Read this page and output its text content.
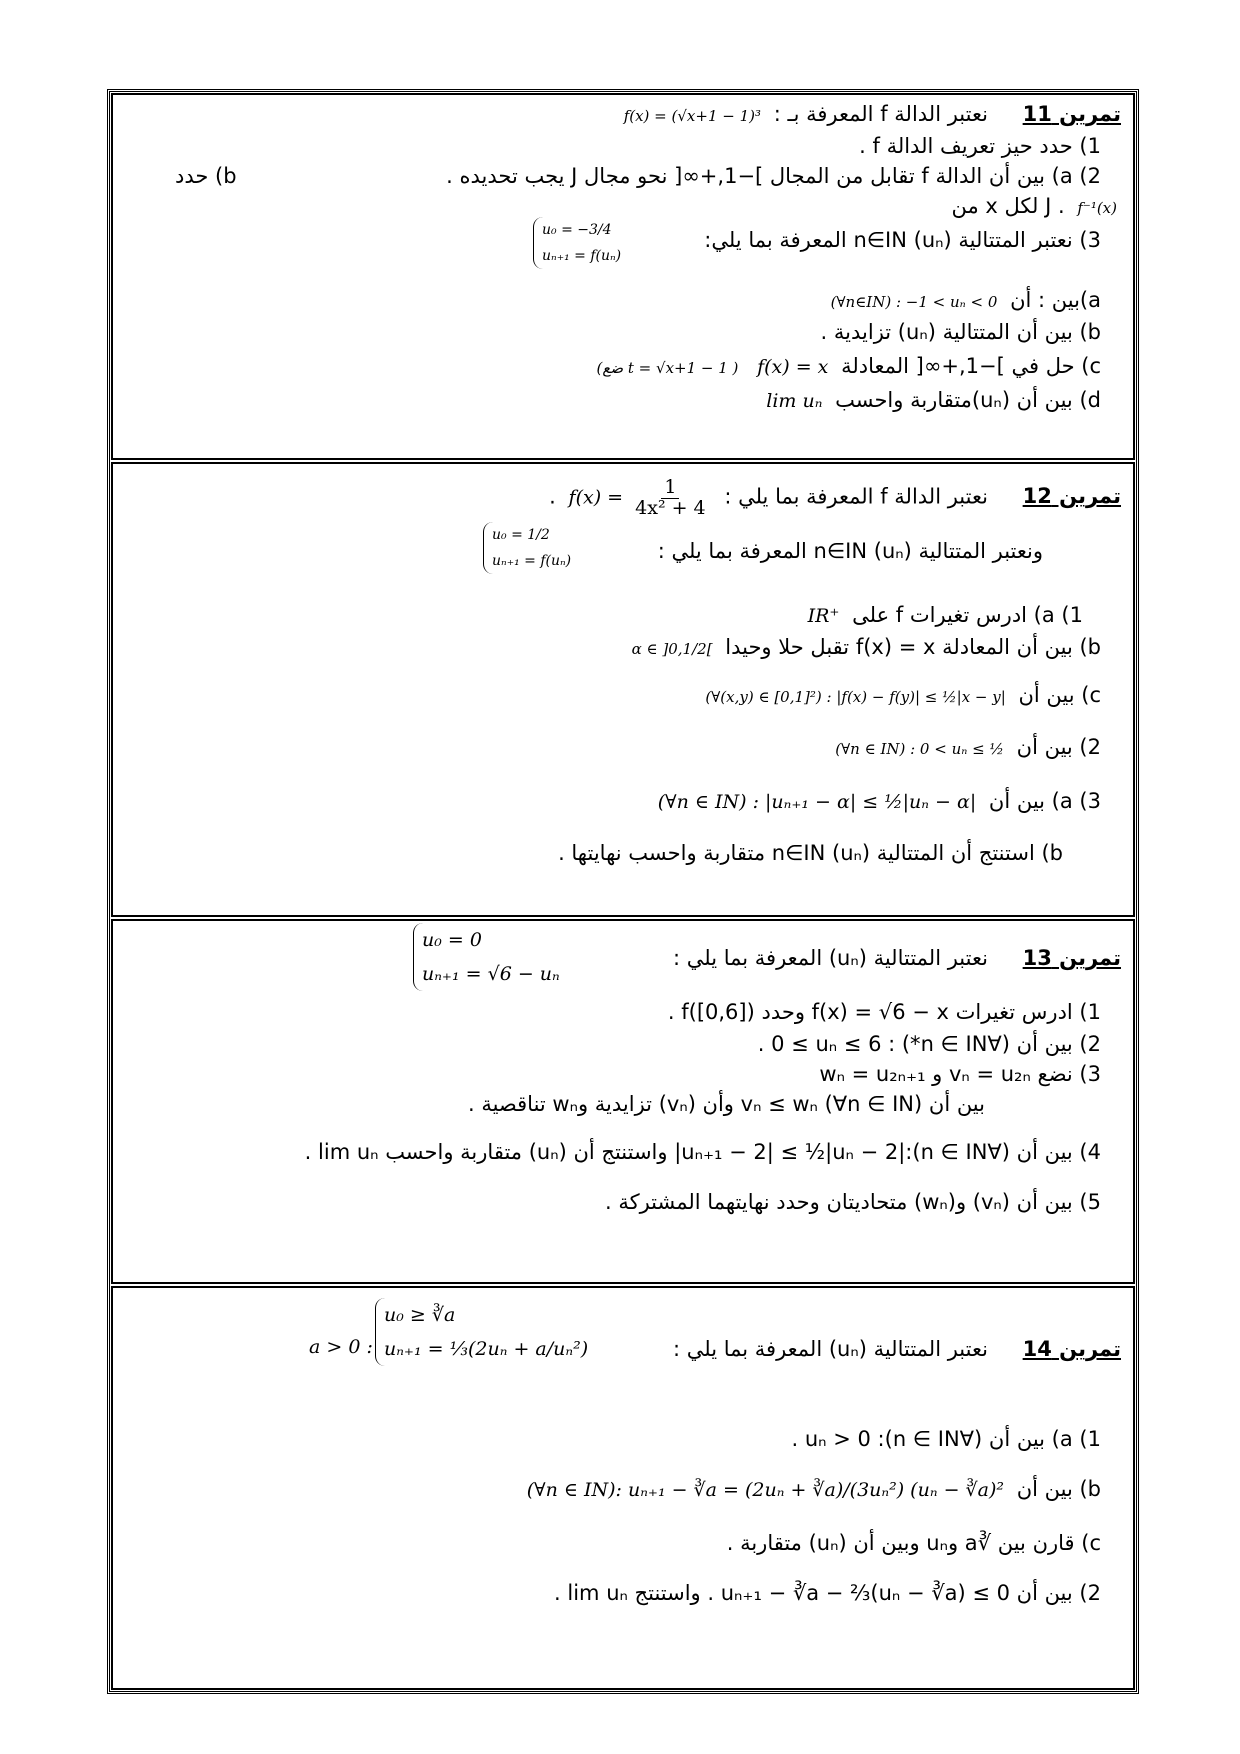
تمرين 11 نعتبر الدالة f المعرفة بـ : f(x) = (√x+1 − 1)³
1) حدد حيز تعريف الدالة f .
2) a) بين أن الدالة f تقابل من المجال ]−1,+∞[ نحو مجال J يجب تحديده .
b) حدد
f⁻¹(x) . J لكل x من
3) نعتبر المتتالية (uₙ) n∈IN المعرفة بما يلي:
u₀ = −3/4
uₙ₊₁ = f(uₙ)
a)بين : أن (∀n∈IN) : −1 < uₙ < 0
b) بين أن المتتالية (uₙ) تزايدية .
c) حل في ]−1,+∞[ المعادلة f(x) = x (ضع t = √x+1 − 1 )
d) بين أن (uₙ)متقاربة واحسب lim uₙ
تمرين 12 نعتبر الدالة f المعرفة بما يلي : $f(x) = \frac{1}{\text{4x² + 4}}$
.
ونعتبر المتتالية (uₙ) n∈IN المعرفة بما يلي :
u₀ = 1/2
uₙ₊₁ = f(uₙ)
1) a) ادرس تغيرات f على IR⁺
b) بين أن المعادلة f(x) = x تقبل حلا وحيدا α ∈ ]0,1/2[
c) بين أن (∀(x,y) ∈ [0,1]²) : |f(x) − f(y)| ≤ ½|x − y|
2) بين أن (∀n ∈ IN) : 0 < uₙ ≤ ½
3) a) بين أن (∀n ∈ IN) : |uₙ₊₁ − α| ≤ ½|uₙ − α|
b) استنتج أن المتتالية (uₙ) n∈IN متقاربة واحسب نهايتها .
تمرين 13 نعتبر المتتالية (uₙ) المعرفة بما يلي :
u₀ = 0
uₙ₊₁ = √6 − uₙ
1) ادرس تغيرات f(x) = √6 − x وحدد f([0,6]) .
2) بين أن (∀n ∈ IN*) : 0 ≤ uₙ ≤ 6 .
3) نضع vₙ = u₂ₙ و wₙ = u₂ₙ₊₁
بين أن vₙ ≤ wₙ (∀n ∈ IN) وأن (vₙ) تزايدية وwₙ تناقصية .
4) بين أن (∀n ∈ IN):|uₙ₊₁ − 2| ≤ ½|uₙ − 2| واستنتج أن (uₙ) متقاربة واحسب lim uₙ .
5) بين أن (vₙ) و(wₙ) متحاديتان وحدد نهايتهما المشتركة .
تمرين 14 نعتبر المتتالية (uₙ) المعرفة بما يلي :
u₀ ≥ ∛a
uₙ₊₁ = ⅓(2uₙ + a/uₙ²)
a > 0 :
1) a) بين أن (∀n ∈ IN): uₙ > 0 .
b) بين أن (∀n ∈ IN): uₙ₊₁ − ∛a = (2uₙ + ∛a)/(3uₙ²) (uₙ − ∛a)²
c) قارن بين ∛a وuₙ وبين أن (uₙ) متقاربة .
2) بين أن uₙ₊₁ − ∛a − ⅔(uₙ − ∛a) ≤ 0 . واستنتج lim uₙ .
